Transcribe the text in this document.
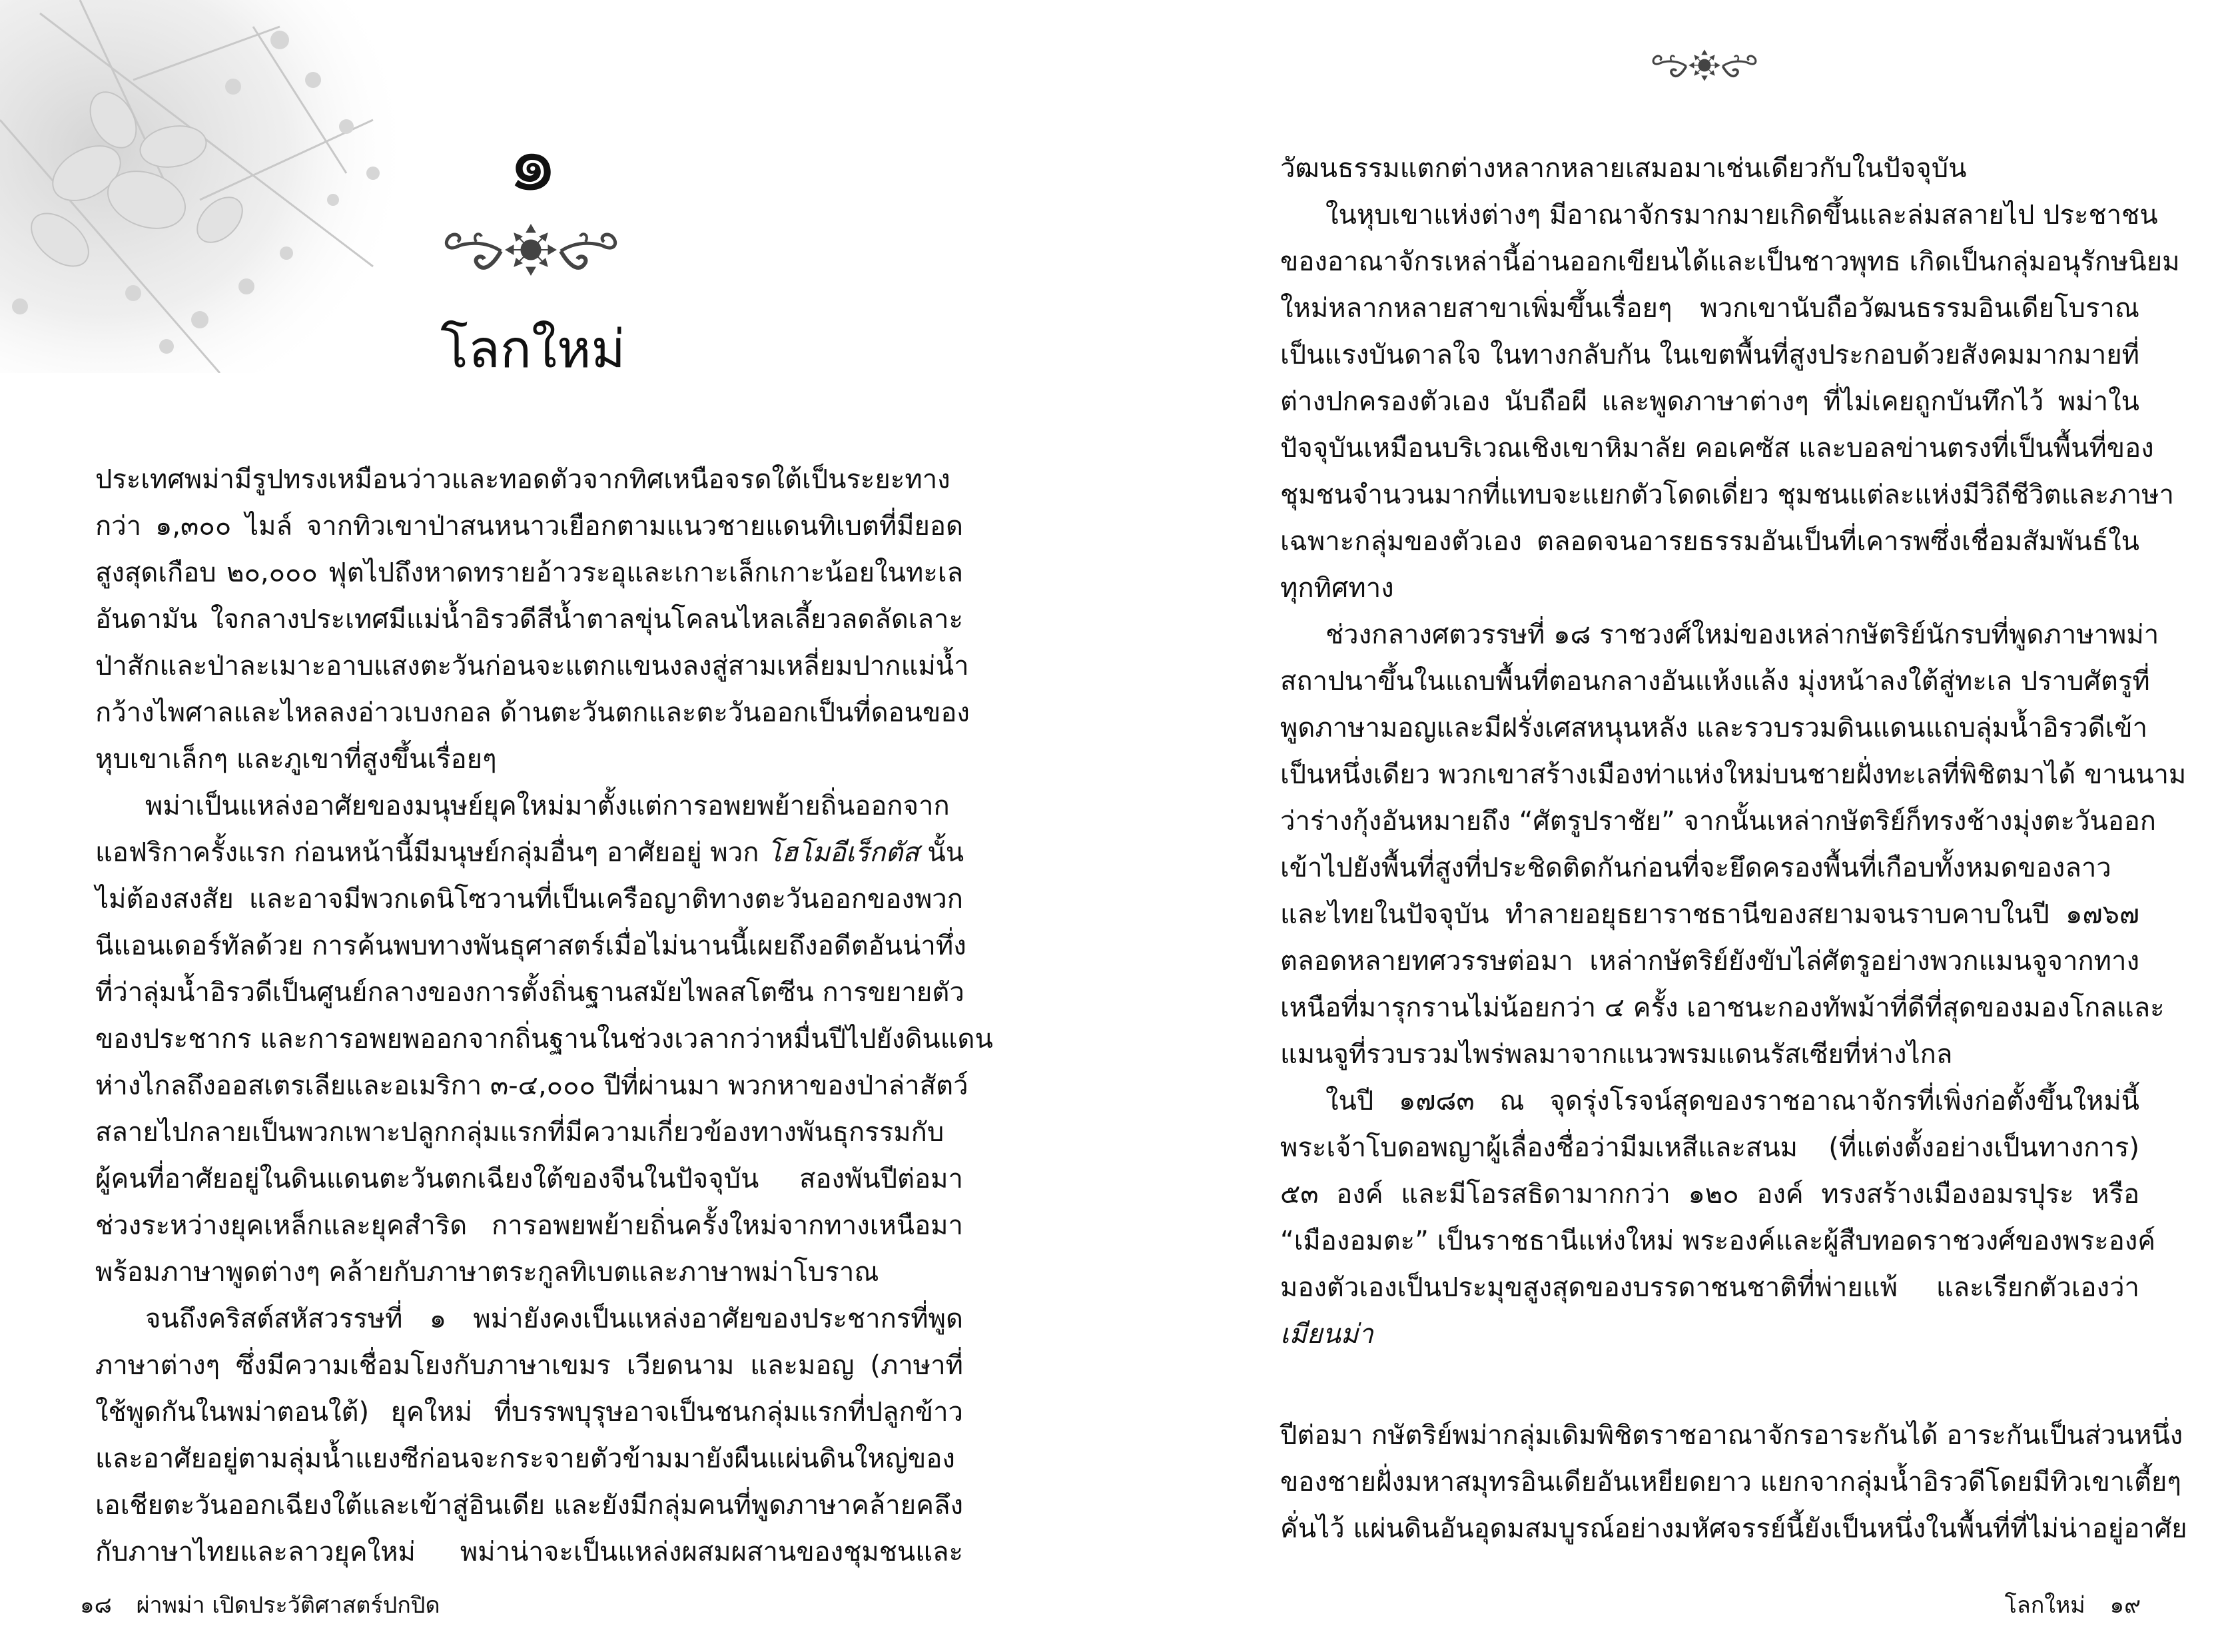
๑
โลกใหม่
ประเทศพม่ามีรูปทรงเหมือนว่าวและทอดตัวจากทิศเหนือจรดใต้เป็นระยะทาง
กว่า ๑,๓๐๐ ไมล์ จากทิวเขาป่าสนหนาวเยือกตามแนวชายแดนทิเบตที่มียอด
สูงสุดเกือบ ๒๐,๐๐๐ ฟุตไปถึงหาดทรายอ้าวระอุและเกาะเล็กเกาะน้อยในทะเล
อันดามัน ใจกลางประเทศมีแม่น้ำอิรวดีสีน้ำตาลขุ่นโคลนไหลเลี้ยวลดลัดเลาะ
ป่าสักและป่าละเมาะอาบแสงตะวันก่อนจะแตกแขนงลงสู่สามเหลี่ยมปากแม่น้ำ
กว้างไพศาลและไหลลงอ่าวเบงกอล ด้านตะวันตกและตะวันออกเป็นที่ดอนของ
หุบเขาเล็กๆ และภูเขาที่สูงขึ้นเรื่อยๆ
พม่าเป็นแหล่งอาศัยของมนุษย์ยุคใหม่มาตั้งแต่การอพยพย้ายถิ่นออกจาก
แอฟริกาครั้งแรก ก่อนหน้านี้มีมนุษย์กลุ่มอื่นๆ อาศัยอยู่ พวก โฮโมอีเร็กตัส นั้น
ไม่ต้องสงสัย และอาจมีพวกเดนิโซวานที่เป็นเครือญาติทางตะวันออกของพวก
นีแอนเดอร์ทัลด้วย การค้นพบทางพันธุศาสตร์เมื่อไม่นานนี้เผยถึงอดีตอันน่าทึ่ง
ที่ว่าลุ่มน้ำอิรวดีเป็นศูนย์กลางของการตั้งถิ่นฐานสมัยไพลสโตซีน การขยายตัว
ของประชากร และการอพยพออกจากถิ่นฐานในช่วงเวลากว่าหมื่นปีไปยังดินแดน
ห่างไกลถึงออสเตรเลียและอเมริกา ๓-๔,๐๐๐ ปีที่ผ่านมา พวกหาของป่าล่าสัตว์
สลายไปกลายเป็นพวกเพาะปลูกกลุ่มแรกที่มีความเกี่ยวข้องทางพันธุกรรมกับ
ผู้คนที่อาศัยอยู่ในดินแดนตะวันตกเฉียงใต้ของจีนในปัจจุบัน สองพันปีต่อมา
ช่วงระหว่างยุคเหล็กและยุคสำริด การอพยพย้ายถิ่นครั้งใหม่จากทางเหนือมา
พร้อมภาษาพูดต่างๆ คล้ายกับภาษาตระกูลทิเบตและภาษาพม่าโบราณ
จนถึงคริสต์สหัสวรรษที่ ๑ พม่ายังคงเป็นแหล่งอาศัยของประชากรที่พูด
ภาษาต่างๆ ซึ่งมีความเชื่อมโยงกับภาษาเขมร เวียดนาม และมอญ (ภาษาที่
ใช้พูดกันในพม่าตอนใต้) ยุคใหม่ ที่บรรพบุรุษอาจเป็นชนกลุ่มแรกที่ปลูกข้าว
และอาศัยอยู่ตามลุ่มน้ำแยงซีก่อนจะกระจายตัวข้ามมายังผืนแผ่นดินใหญ่ของ
เอเชียตะวันออกเฉียงใต้และเข้าสู่อินเดีย และยังมีกลุ่มคนที่พูดภาษาคล้ายคลึง
กับภาษาไทยและลาวยุคใหม่ พม่าน่าจะเป็นแหล่งผสมผสานของชุมชนและ
๑๘ ผ่าพม่า เปิดประวัติศาสตร์ปกปิด
วัฒนธรรมแตกต่างหลากหลายเสมอมาเช่นเดียวกับในปัจจุบัน
ในหุบเขาแห่งต่างๆ มีอาณาจักรมากมายเกิดขึ้นและล่มสลายไป ประชาชน
ของอาณาจักรเหล่านี้อ่านออกเขียนได้และเป็นชาวพุทธ เกิดเป็นกลุ่มอนุรักษนิยม
ใหม่หลากหลายสาขาเพิ่มขึ้นเรื่อยๆ พวกเขานับถือวัฒนธรรมอินเดียโบราณ
เป็นแรงบันดาลใจ ในทางกลับกัน ในเขตพื้นที่สูงประกอบด้วยสังคมมากมายที่
ต่างปกครองตัวเอง นับถือผี และพูดภาษาต่างๆ ที่ไม่เคยถูกบันทึกไว้ พม่าใน
ปัจจุบันเหมือนบริเวณเชิงเขาหิมาลัย คอเคซัส และบอลข่านตรงที่เป็นพื้นที่ของ
ชุมชนจำนวนมากที่แทบจะแยกตัวโดดเดี่ยว ชุมชนแต่ละแห่งมีวิถีชีวิตและภาษา
เฉพาะกลุ่มของตัวเอง ตลอดจนอารยธรรมอันเป็นที่เคารพซึ่งเชื่อมสัมพันธ์ใน
ทุกทิศทาง
ช่วงกลางศตวรรษที่ ๑๘ ราชวงศ์ใหม่ของเหล่ากษัตริย์นักรบที่พูดภาษาพม่า
สถาปนาขึ้นในแถบพื้นที่ตอนกลางอันแห้งแล้ง มุ่งหน้าลงใต้สู่ทะเล ปราบศัตรูที่
พูดภาษามอญและมีฝรั่งเศสหนุนหลัง และรวบรวมดินแดนแถบลุ่มน้ำอิรวดีเข้า
เป็นหนึ่งเดียว พวกเขาสร้างเมืองท่าแห่งใหม่บนชายฝั่งทะเลที่พิชิตมาได้ ขานนาม
ว่าร่างกุ้งอันหมายถึง “ศัตรูปราชัย” จากนั้นเหล่ากษัตริย์ก็ทรงช้างมุ่งตะวันออก
เข้าไปยังพื้นที่สูงที่ประชิดติดกันก่อนที่จะยึดครองพื้นที่เกือบทั้งหมดของลาว
และไทยในปัจจุบัน ทำลายอยุธยาราชธานีของสยามจนราบคาบในปี ๑๗๖๗
ตลอดหลายทศวรรษต่อมา เหล่ากษัตริย์ยังขับไล่ศัตรูอย่างพวกแมนจูจากทาง
เหนือที่มารุกรานไม่น้อยกว่า ๔ ครั้ง เอาชนะกองทัพม้าที่ดีที่สุดของมองโกลและ
แมนจูที่รวบรวมไพร่พลมาจากแนวพรมแดนรัสเซียที่ห่างไกล
ในปี ๑๗๘๓ ณ จุดรุ่งโรจน์สุดของราชอาณาจักรที่เพิ่งก่อตั้งขึ้นใหม่นี้
พระเจ้าโบดอพญาผู้เลื่องชื่อว่ามีมเหสีและสนม (ที่แต่งตั้งอย่างเป็นทางการ)
๕๓ องค์ และมีโอรสธิดามากกว่า ๑๒๐ องค์ ทรงสร้างเมืองอมรปุระ หรือ
“เมืองอมตะ” เป็นราชธานีแห่งใหม่ พระองค์และผู้สืบทอดราชวงศ์ของพระองค์
มองตัวเองเป็นประมุขสูงสุดของบรรดาชนชาติที่พ่ายแพ้ และเรียกตัวเองว่า
เมียนม่า
ปีต่อมา กษัตริย์พม่ากลุ่มเดิมพิชิตราชอาณาจักรอาระกันได้ อาระกันเป็นส่วนหนึ่ง
ของชายฝั่งมหาสมุทรอินเดียอันเหยียดยาว แยกจากลุ่มน้ำอิรวดีโดยมีทิวเขาเตี้ยๆ
คั่นไว้ แผ่นดินอันอุดมสมบูรณ์อย่างมหัศจรรย์นี้ยังเป็นหนึ่งในพื้นที่ที่ไม่น่าอยู่อาศัย
โลกใหม่ ๑๙
